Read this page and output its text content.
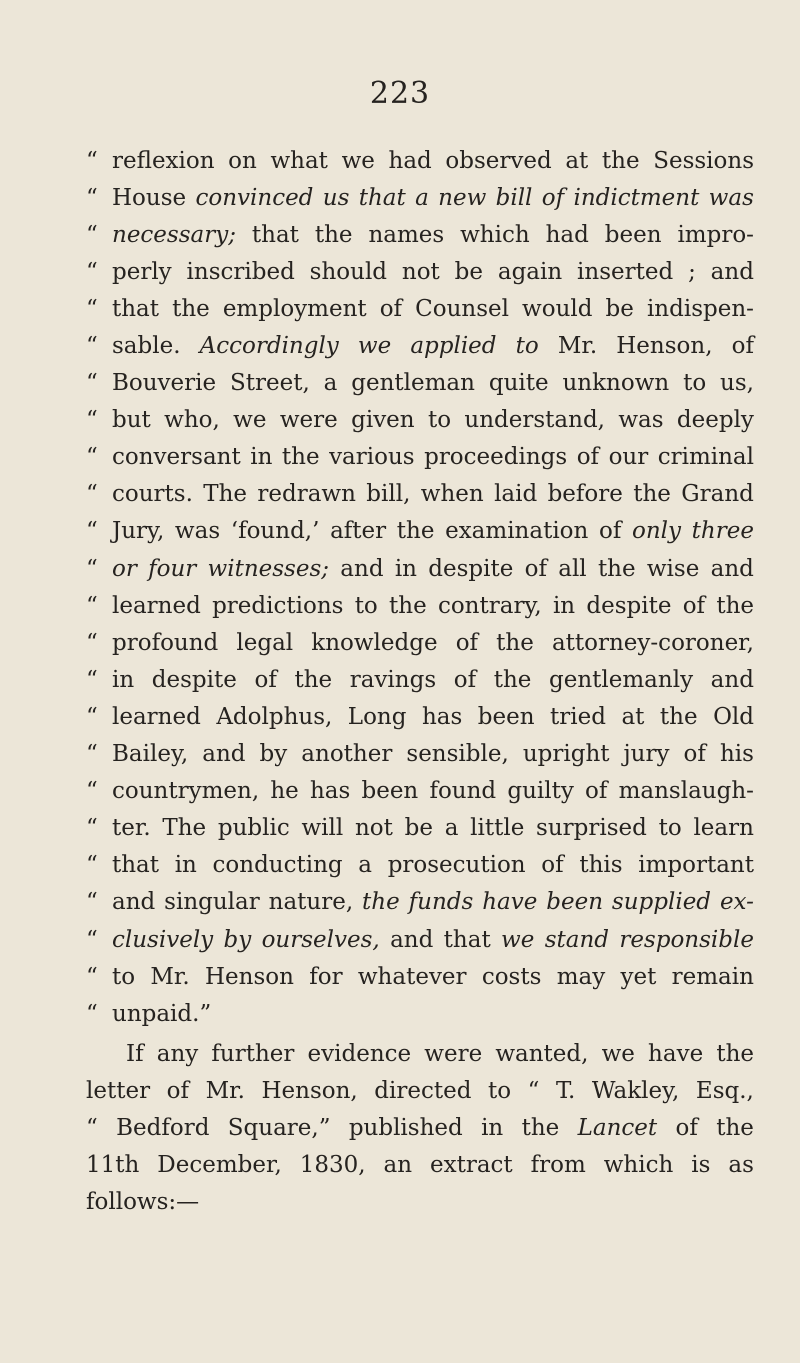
223
“ reflexion on what we had observed at the Sessions
“ House convinced us that a new bill of indictment was
“ necessary; that the names which had been impro-
“ perly inscribed should not be again inserted ; and
“ that the employment of Counsel would be indispen-
“ sable. Accordingly we applied to Mr. Henson, of
“ Bouverie Street, a gentleman quite unknown to us,
“ but who, we were given to understand, was deeply
“ conversant in the various proceedings of our criminal
“ courts. The redrawn bill, when laid before the Grand
“ Jury, was ‘found,’ after the examination of only three
“ or four witnesses; and in despite of all the wise and
“ learned predictions to the contrary, in despite of the
“ profound legal knowledge of the attorney-coroner,
“ in despite of the ravings of the gentlemanly and
“ learned Adolphus, Long has been tried at the Old
“ Bailey, and by another sensible, upright jury of his
“ countrymen, he has been found guilty of manslaugh-
“ ter. The public will not be a little surprised to learn
“ that in conducting a prosecution of this important
“ and singular nature, the funds have been supplied ex-
“ clusively by ourselves, and that we stand responsible
“ to Mr. Henson for whatever costs may yet remain
“ unpaid.”
If any further evidence were wanted, we have the
letter of Mr. Henson, directed to “ T. Wakley, Esq.,
“ Bedford Square,” published in the Lancet of the
11th December, 1830, an extract from which is as
follows :—
